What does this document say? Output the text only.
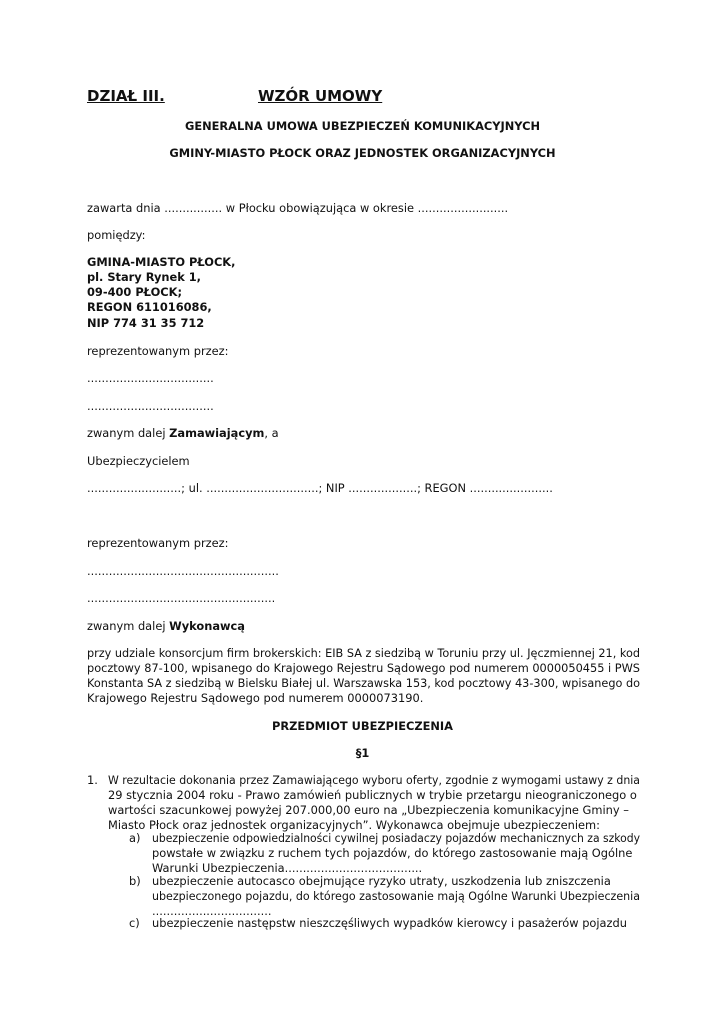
DZIAŁ III.	WZÓR UMOWY
GENERALNA UMOWA UBEZPIECZEŃ KOMUNIKACYJNYCH
GMINY-MIASTO PŁOCK ORAZ JEDNOSTEK ORGANIZACYJNYCH
zawarta dnia ................ w Płocku obowiązująca w okresie .........................
pomiędzy:
GMINA-MIASTO PŁOCK,
pl. Stary Rynek 1,
09-400 PŁOCK;
REGON 611016086,
NIP 774 31 35 712
reprezentowanym przez:
...................................
...................................
zwanym dalej Zamawiającym, a
Ubezpieczycielem
..........................; ul. ...............................; NIP ...................; REGON .......................
reprezentowanym przez:
.....................................................
....................................................
zwanym dalej Wykonawcą
przy udziale konsorcjum firm brokerskich: EIB SA z siedzibą w Toruniu przy ul. Jęczmiennej 21, kod
pocztowy 87-100, wpisanego do Krajowego Rejestru Sądowego pod numerem 0000050455 i PWS
Konstanta SA z siedzibą w Bielsku Białej ul. Warszawska 153, kod pocztowy 43-300, wpisanego do
Krajowego Rejestru Sądowego pod numerem 0000073190.
PRZEDMIOT UBEZPIECZENIA
§1
1. W rezultacie dokonania przez Zamawiającego wyboru oferty, zgodnie z wymogami ustawy z dnia
29 stycznia 2004 roku - Prawo zamówień publicznych w trybie przetargu nieograniczonego o
wartości szacunkowej powyżej 207.000,00 euro na „Ubezpieczenia komunikacyjne Gminy –
Miasto Płock oraz jednostek organizacyjnych”. Wykonawca obejmuje ubezpieczeniem:
a) ubezpieczenie odpowiedzialności cywilnej posiadaczy pojazdów mechanicznych za szkody
powstałe w związku z ruchem tych pojazdów, do którego zastosowanie mają Ogólne
Warunki Ubezpieczenia......................................
b) ubezpieczenie autocasco obejmujące ryzyko utraty, uszkodzenia lub zniszczenia
ubezpieczonego pojazdu, do którego zastosowanie mają Ogólne Warunki Ubezpieczenia
.................................
c) ubezpieczenie następstw nieszczęśliwych wypadków kierowcy i pasażerów pojazdu
